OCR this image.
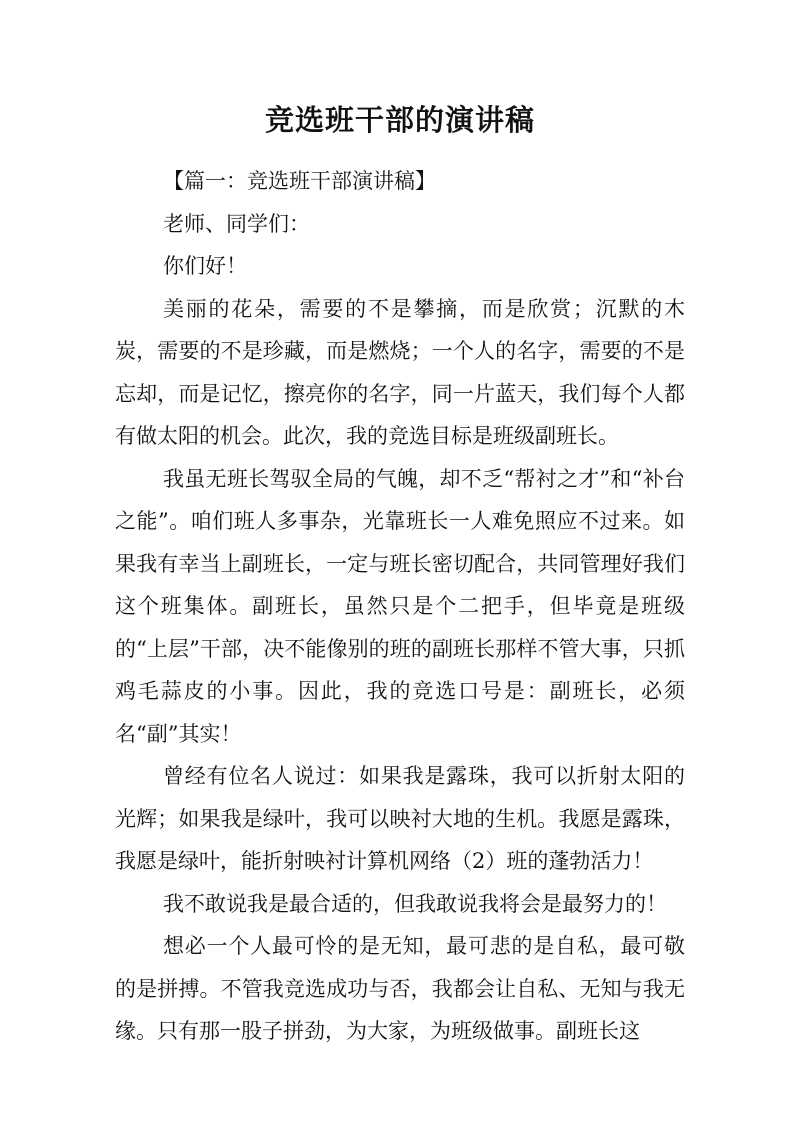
竞选班干部的演讲稿

【篇一：竞选班干部演讲稿】

老师、同学们：

你们好！

美丽的花朵，需要的不是攀摘，而是欣赏；沉默的木炭，需要的不是珍藏，而是燃烧；一个人的名字，需要的不是忘却，而是记忆，擦亮你的名字，同一片蓝天，我们每个人都有做太阳的机会。此次，我的竞选目标是班级副班长。

我虽无班长驾驭全局的气魄，却不乏“帮衬之才”和“补台之能”。咱们班人多事杂，光靠班长一人难免照应不过来。如果我有幸当上副班长，一定与班长密切配合，共同管理好我们这个班集体。副班长，虽然只是个二把手，但毕竟是班级的“上层”干部，决不能像别的班的副班长那样不管大事，只抓鸡毛蒜皮的小事。因此，我的竞选口号是：副班长，必须名“副”其实！

曾经有位名人说过：如果我是露珠，我可以折射太阳的光辉；如果我是绿叶，我可以映衬大地的生机。我愿是露珠，我愿是绿叶，能折射映衬计算机网络（2）班的蓬勃活力！

我不敢说我是最合适的，但我敢说我将会是最努力的！

想必一个人最可怜的是无知，最可悲的是自私，最可敬的是拼搏。不管我竞选成功与否，我都会让自私、无知与我无缘。只有那一股子拼劲，为大家，为班级做事。副班长这
